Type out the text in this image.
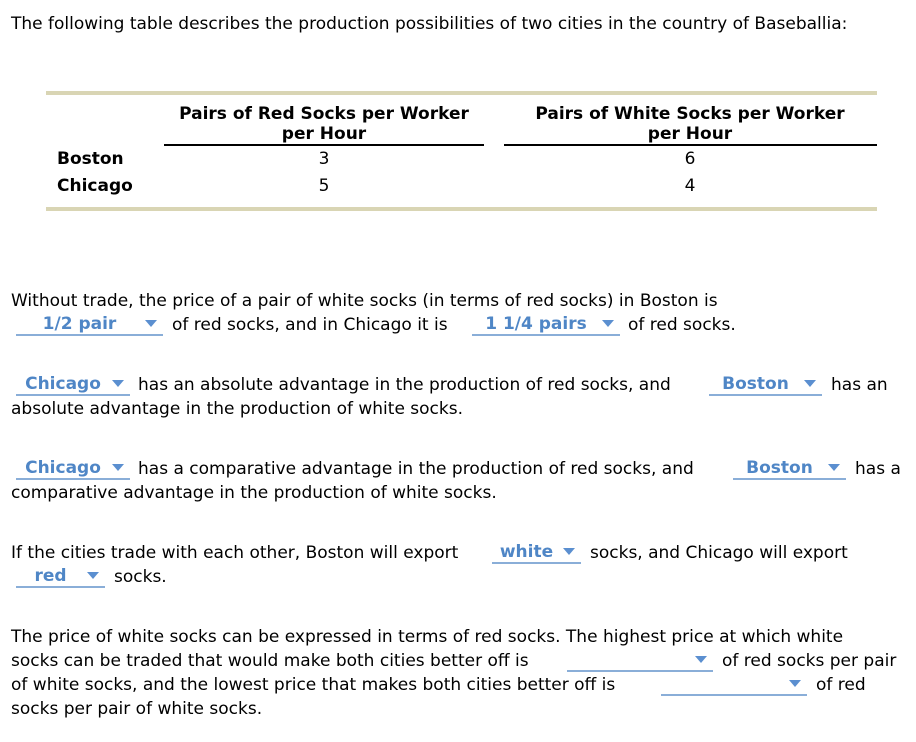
The following table describes the production possibilities of two cities in the country of Baseballia:
Pairs of Red Socks per Worker
per Hour
Pairs of White Socks per Worker
per Hour
Boston	3	6
Chicago	5	4
Without trade, the price of a pair of white socks (in terms of red socks) in Boston is
1/2 pair	of red socks, and in Chicago it is	1 1/4 pairs	of red socks.
Chicago	has an absolute advantage in the production of red socks, and	Boston	has an
absolute advantage in the production of white socks.
Chicago	has a comparative advantage in the production of red socks, and	Boston	has a
comparative advantage in the production of white socks.
If the cities trade with each other, Boston will export	white	socks, and Chicago will export
red	socks.
The price of white socks can be expressed in terms of red socks. The highest price at which white
socks can be traded that would make both cities better off is	of red socks per pair
of white socks, and the lowest price that makes both cities better off is	of red
socks per pair of white socks.
